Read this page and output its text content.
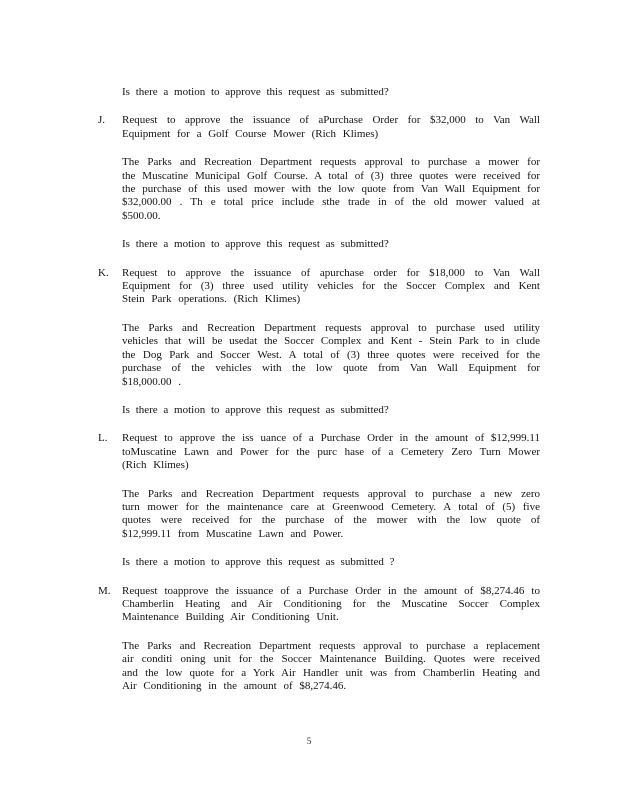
Is there a motion to approve this request as submitted?

J.	Request to approve the issuance of aPurchase Order for $32,000 to Van Wall Equipment for a Golf Course Mower (Rich Klimes)

The Parks and Recreation Department requests approval to purchase a mower for the Muscatine Municipal Golf Course. A total of (3) three quotes were received for the purchase of this used mower with the low quote from Van Wall Equipment for $32,000.00 . Th e total price include sthe trade in of the old mower valued at $500.00.

Is there a motion to approve this request as submitted?

K.	Request to approve the issuance of apurchase order for $18,000 to Van Wall Equipment for (3) three used utility vehicles for the Soccer Complex and Kent Stein Park operations. (Rich Klimes)

The Parks and Recreation Department requests approval to purchase used utility vehicles that will be usedat the Soccer Complex and Kent - Stein Park to in clude the Dog Park and Soccer West. A total of (3) three quotes were received for the purchase of the vehicles with the low quote from Van Wall Equipment for $18,000.00 .

Is there a motion to approve this request as submitted?

L.	Request to approve the iss uance of a Purchase Order in the amount of $12,999.11 toMuscatine Lawn and Power for the purc hase of a Cemetery Zero Turn Mower (Rich Klimes)

The Parks and Recreation Department requests approval to purchase a new zero turn mower for the maintenance care at Greenwood Cemetery. A total of (5) five quotes were received for the purchase of the mower with the low quote of $12,999.11 from Muscatine Lawn and Power.

Is there a motion to approve this request as submitted ?

M.	Request toapprove the issuance of a Purchase Order in the amount of $8,274.46 to Chamberlin Heating and Air Conditioning for the Muscatine Soccer Complex Maintenance Building Air Conditioning Unit.

The Parks and Recreation Department requests approval to purchase a replacement air conditi oning unit for the Soccer Maintenance Building. Quotes were received and the low quote for a York Air Handler unit was from Chamberlin Heating and Air Conditioning in the amount of $8,274.46.

5
